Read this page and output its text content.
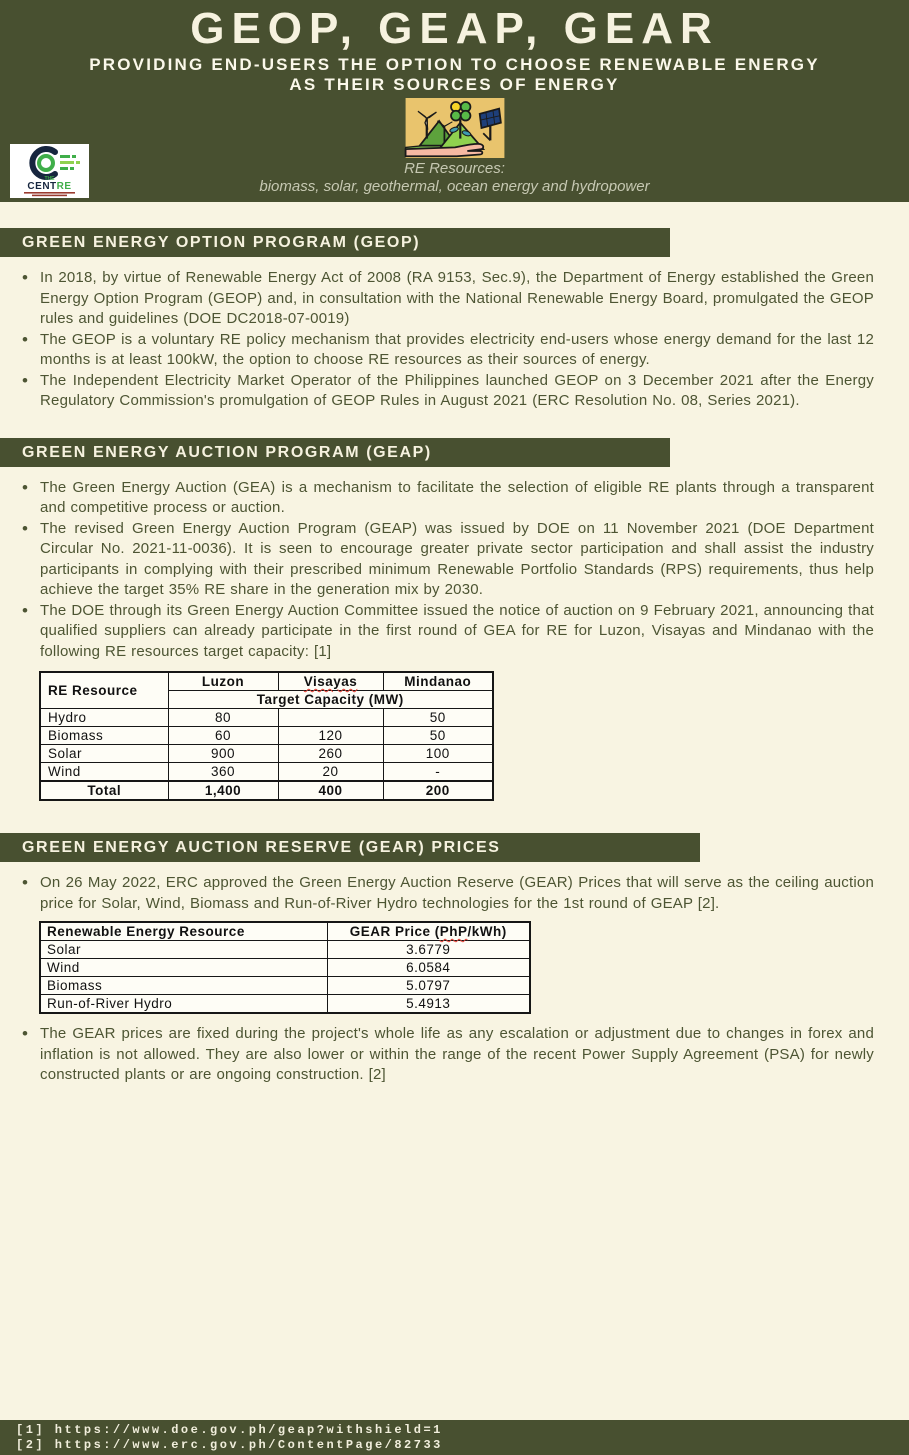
GEOP, GEAP, GEAR
PROVIDING END-USERS THE OPTION TO CHOOSE RENEWABLE ENERGY
AS THEIR SOURCES OF ENERGY
RE Resources:
biomass, solar, geothermal, ocean energy and hydropower
THE
CENTRE
GREEN ENERGY OPTION PROGRAM (GEOP)
• In 2018, by virtue of Renewable Energy Act of 2008 (RA 9153, Sec.9), the Department of Energy established the Green Energy Option Program (GEOP) and, in consultation with the National Renewable Energy Board, promulgated the GEOP rules and guidelines (DOE DC2018-07-0019)
• The GEOP is a voluntary RE policy mechanism that provides electricity end-users whose energy demand for the last 12 months is at least 100kW, the option to choose RE resources as their sources of energy.
• The Independent Electricity Market Operator of the Philippines launched GEOP on 3 December 2021 after the Energy Regulatory Commission's promulgation of GEOP Rules in August 2021 (ERC Resolution No. 08, Series 2021).
GREEN ENERGY AUCTION PROGRAM (GEAP)
• The Green Energy Auction (GEA) is a mechanism to facilitate the selection of eligible RE plants through a transparent and competitive process or auction.
• The revised Green Energy Auction Program (GEAP) was issued by DOE on 11 November 2021 (DOE Department Circular No. 2021-11-0036). It is seen to encourage greater private sector participation and shall assist the industry participants in complying with their prescribed minimum Renewable Portfolio Standards (RPS) requirements, thus help achieve the target 35% RE share in the generation mix by 2030.
• The DOE through its Green Energy Auction Committee issued the notice of auction on 9 February 2021, announcing that qualified suppliers can already participate in the first round of GEA for RE for Luzon, Visayas and Mindanao with the following RE resources target capacity: [1]
RE Resource	Luzon	Visayas	Mindanao
	Target Capacity (MW)		
Hydro	80		50
Biomass	60	120	50
Solar	900	260	100
Wind	360	20	-
Total	1,400	400	200
GREEN ENERGY AUCTION RESERVE (GEAR) PRICES
• On 26 May 2022, ERC approved the Green Energy Auction Reserve (GEAR) Prices that will serve as the ceiling auction price for Solar, Wind, Biomass and Run-of-River Hydro technologies for the 1st round of GEAP [2].
Renewable Energy Resource	GEAR Price (PhP/kWh)
Solar	3.6779
Wind	6.0584
Biomass	5.0797
Run-of-River Hydro	5.4913
• The GEAR prices are fixed during the project's whole life as any escalation or adjustment due to changes in forex and inflation is not allowed. They are also lower or within the range of the recent Power Supply Agreement (PSA) for newly constructed plants or are ongoing construction. [2]
[1] https://www.doe.gov.ph/geap?withshield=1
[2] https://www.erc.gov.ph/ContentPage/82733
